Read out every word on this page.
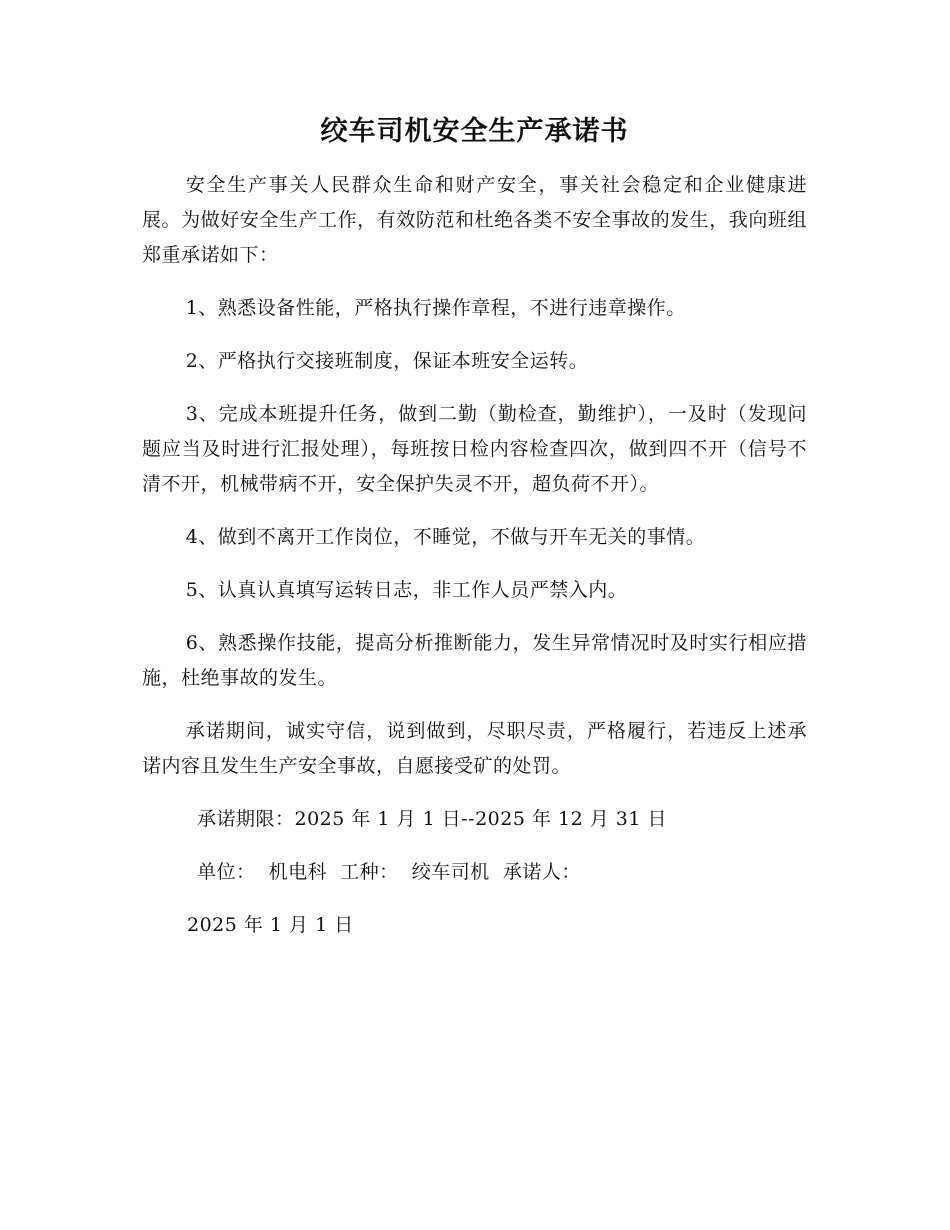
绞车司机安全生产承诺书

安全生产事关人民群众生命和财产安全，事关社会稳定和企业健康进展。为做好安全生产工作，有效防范和杜绝各类不安全事故的发生，我向班组郑重承诺如下：

1、熟悉设备性能，严格执行操作章程，不进行违章操作。

2、严格执行交接班制度，保证本班安全运转。

3、完成本班提升任务，做到二勤（勤检查，勤维护），一及时（发现问题应当及时进行汇报处理），每班按日检内容检查四次，做到四不开（信号不清不开，机械带病不开，安全保护失灵不开，超负荷不开）。

4、做到不离开工作岗位，不睡觉，不做与开车无关的事情。

5、认真认真填写运转日志，非工作人员严禁入内。

6、熟悉操作技能，提高分析推断能力，发生异常情况时及时实行相应措施，杜绝事故的发生。

承诺期间，诚实守信，说到做到，尽职尽责，严格履行，若违反上述承诺内容且发生生产安全事故，自愿接受矿的处罚。

承诺期限：2025 年 1 月 1 日--2025 年 12 月 31 日
单位：  机电科  工种：  绞车司机  承诺人：
2025 年 1 月 1 日
